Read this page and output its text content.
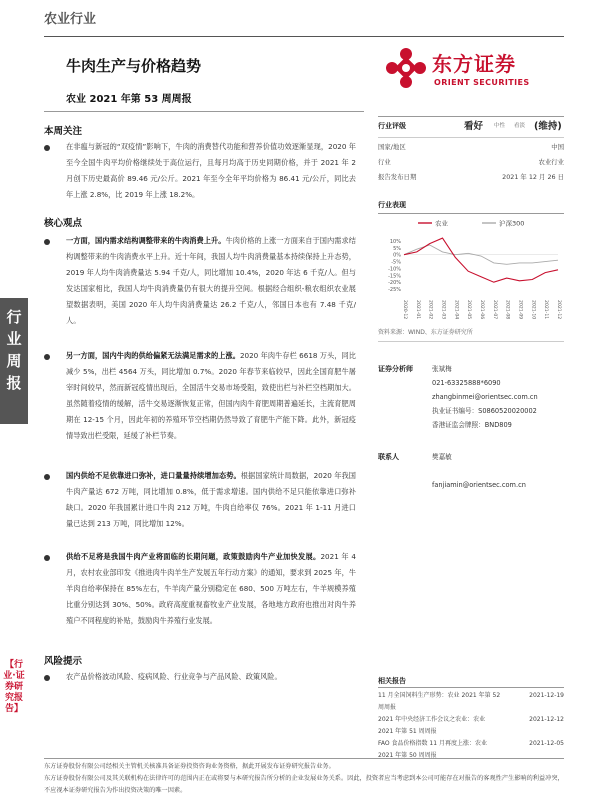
农业行业
牛肉生产与价格趋势
农业 2021 年第 53 周周报
东方证券
ORIENT SECURITIES
行
业
周
报
【行业·证券研究报告】
本周关注
在非瘟与新冠的“双疫情”影响下，牛肉的消费替代功能和营养价值功效逐渐显现，2020 年至今全国牛肉平均价格继续处于高位运行，且每月均高于历史同期价格，并于 2021 年 2 月创下历史最高价 89.46 元/公斤。2021 年至今全年平均价格为 86.41 元/公斤，同比去年上涨 2.8%，比 2019 年上涨 18.2%。
核心观点
一方面，国内需求结构调整带来的牛肉消费上升。牛肉价格的上涨一方面来自于国内需求结构调整带来的牛肉消费水平上升。近十年间，我国人均牛肉消费量基本持续保持上升态势，2019 年人均牛肉消费量达 5.94 千克/人，同比增加 10.4%，2020 年达 6 千克/人。但与发达国家相比，我国人均牛肉消费量仍有很大的提升空间。根据经合组织-粮农组织农业展望数据表明，美国 2020 年人均牛肉消费量达 26.2 千克/人，邻国日本也有 7.48 千克/人。
另一方面，国内牛肉的供给偏紧无法满足需求的上涨。2020 年肉牛存栏 6618 万头，同比减少 5%，出栏 4564 万头，同比增加 0.7%。2020 年春节来临较早，因此全国育肥牛屠宰时间较早，然而新冠疫情出现后，全国活牛交易市场受阻，致使出栏与补栏空档期加大。虽然随着疫情的缓解，活牛交易逐渐恢复正常，但国内肉牛育肥周期普遍延长，主流育肥周期在 12-15 个月，因此年初的养殖环节空档期仍然导致了育肥牛产能下降。此外，新冠疫情导致出栏受限，延缓了补栏节奏。
国内供给不足依靠进口弥补，进口量量持续增加态势。根据国家统计局数据，2020 年我国牛肉产量达 672 万吨，同比增加 0.8%，低于需求增速。国内供给不足只能依靠进口弥补缺口。2020 年我国累计进口牛肉 212 万吨，牛肉自给率仅 76%。2021 年 1-11 月进口量已达到 213 万吨，同比增加 12%。
供给不足将是我国牛肉产业将面临的长期问题，政策鼓励肉牛产业加快发展。2021 年 4 月，农村农业部印发《推进肉牛肉羊生产发展五年行动方案》的通知，要求到 2025 年，牛羊肉自给率保持在 85%左右，牛羊肉产量分别稳定在 680、500 万吨左右，牛羊规模养殖比重分别达到 30%、50%。政府高度重视畜牧业产业发展，各地地方政府也推出对肉牛养殖户不同程度的补贴，鼓励肉牛养殖行业发展。
风险提示
农产品价格波动风险、疫病风险、行业竞争与产品风险、政策风险。
行业评级	看好 中性 看淡 (维持)
国家/地区	中国
行业	农业行业
报告发布日期	2021 年 12 月 26 日
行业表现
农业	沪深300
10%
5%
0%
-5%
-10%
-15%
-20%
-25%
2020-12 2021-01 2021-02 2021-03 2021-04 2021-05 2021-06 2021-07 2021-08 2021-09 2021-10 2021-11 2021-12
资料来源：WIND、东方证券研究所
证券分析师	张斌梅
021-63325888*6090
zhangbinmei@orientsec.com.cn
执业证书编号：S0860520020002
香港证监会牌照：BND809
联系人	樊嘉敏
fanjiamin@orientsec.com.cn
相关报告
11 月全国饲料生产形势：农业 2021 年第 52
周周报
2021-12-19
2021 年中央经济工作会议之农业：农业
2021 年第 51 周周报
2021-12-12
FAO 食品价格指数 11 月再度上涨：农业
2021 年第 50 周周报
2021-12-05
东方证券股份有限公司经相关主管机关核准具备证券投资咨询业务资格，据此开展发布证券研究报告业务。
东方证券股份有限公司及其关联机构在法律许可的范围内正在或将要与本研究报告所分析的企业发展业务关系。因此，投资者应当考虑到本公司可能存在对报告的客观性产生影响的利益冲突，不应视本证券研究报告为作出投资决策的唯一因素。
